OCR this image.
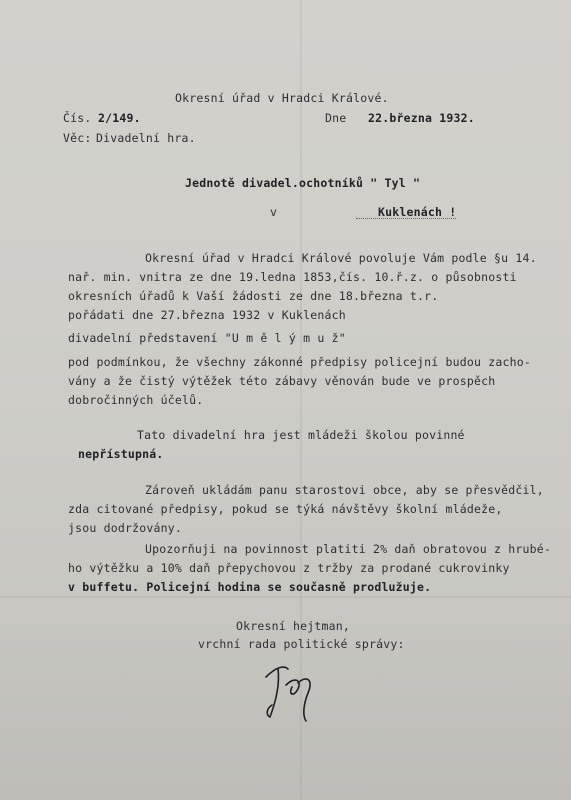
Okresní úřad v Hradci Králové.
Čís. 2/149.	Dne 22.března 1932.
Věc: Divadelní hra.
Jednotě divadel.ochotníků " Tyl "
v	Kuklenách !
Okresní úřad v Hradci Králové povoluje Vám podle §u 14.
nař. min. vnitra ze dne 19.ledna 1853,čís. 10.ř.z. o působnosti
okresních úřadů k Vaší žádosti ze dne 18.března t.r.
pořádati dne 27.března 1932 v Kuklenách
divadelní představení "U m ě l ý m u ž"
pod podmínkou, že všechny zákonné předpisy policejní budou zacho-
vány a že čistý výtěžek této zábavy věnován bude ve prospěch
dobročinných účelů.
Tato divadelní hra jest mládeži školou povinné
nepřístupná.
Zároveň ukládám panu starostovi obce, aby se přesvědčil,
zda citované předpisy, pokud se týká návštěvy školní mládeže,
jsou dodržovány.
Upozorňuji na povinnost platiti 2% daň obratovou z hrubé-
ho výtěžku a 10% daň přepychovou z tržby za prodané cukrovinky
v buffetu. Policejní hodina se současně prodlužuje.
Okresní hejtman,
vrchní rada politické správy:
